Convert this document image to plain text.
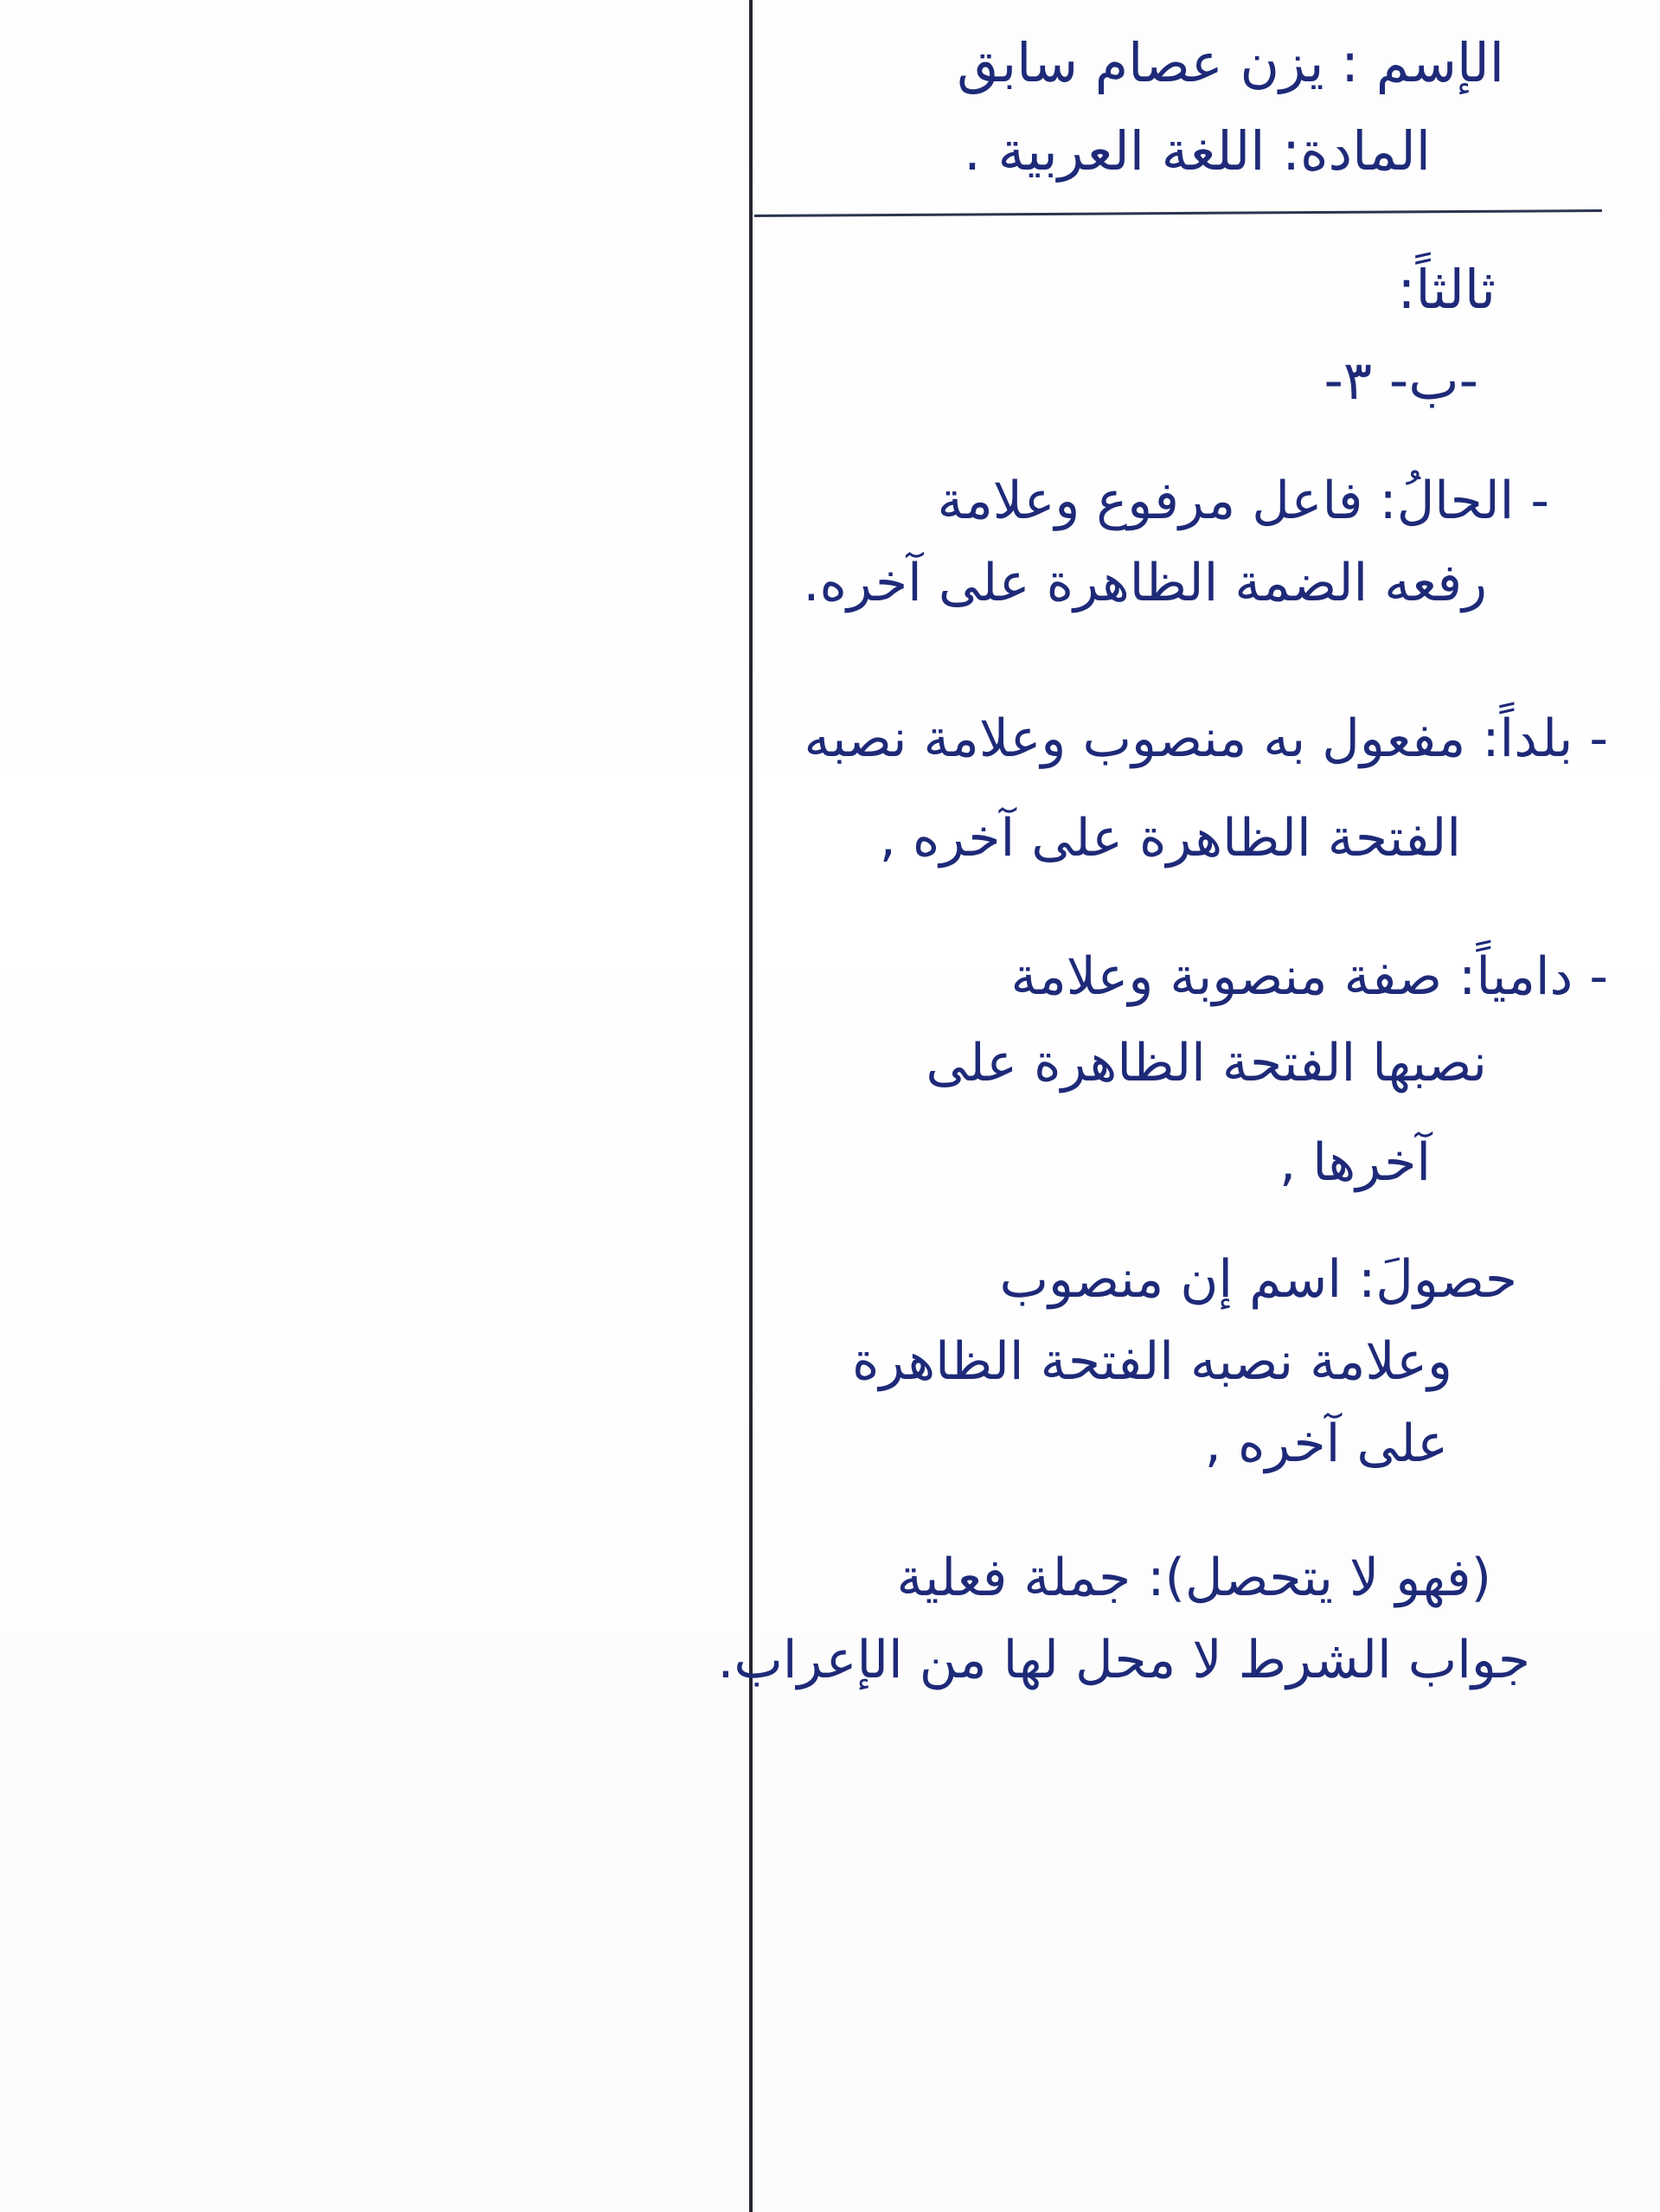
الإسم : يزن عصام سابق
المادة: اللغة العربية .
ثالثاً:
-ب- ٣-
- الحالُ: فاعل مرفوع وعلامة
رفعه الضمة الظاهرة على آخره.
- بلداً: مفعول به منصوب وعلامة نصبه
الفتحة الظاهرة على آخره ,
- دامياً: صفة منصوبة وعلامة
نصبها الفتحة الظاهرة على
آخرها ,
حصولَ: اسم إن منصوب
وعلامة نصبه الفتحة الظاهرة
على آخره ,
(فهو لا يتحصل): جملة فعلية
جواب الشرط لا محل لها من الإعراب.
